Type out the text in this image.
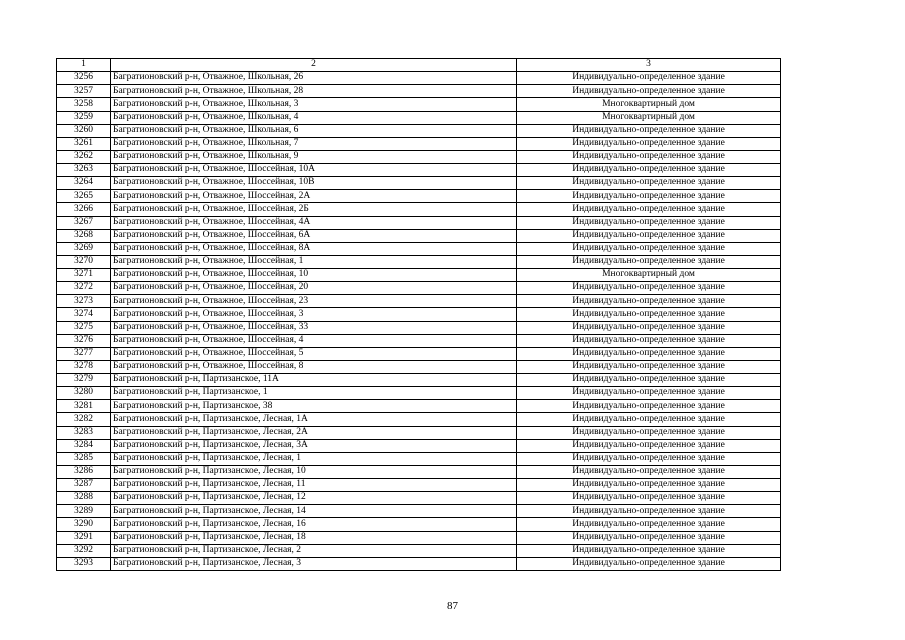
1	2	3
3256	Багратионовский р-н, Отважное, Школьная, 26	Индивидуально-определенное здание
3257	Багратионовский р-н, Отважное, Школьная, 28	Индивидуально-определенное здание
3258	Багратионовский р-н, Отважное, Школьная, 3	Многоквартирный дом
3259	Багратионовский р-н, Отважное, Школьная, 4	Многоквартирный дом
3260	Багратионовский р-н, Отважное, Школьная, 6	Индивидуально-определенное здание
3261	Багратионовский р-н, Отважное, Школьная, 7	Индивидуально-определенное здание
3262	Багратионовский р-н, Отважное, Школьная, 9	Индивидуально-определенное здание
3263	Багратионовский р-н, Отважное, Шоссейная, 10А	Индивидуально-определенное здание
3264	Багратионовский р-н, Отважное, Шоссейная, 10В	Индивидуально-определенное здание
3265	Багратионовский р-н, Отважное, Шоссейная, 2А	Индивидуально-определенное здание
3266	Багратионовский р-н, Отважное, Шоссейная, 2Б	Индивидуально-определенное здание
3267	Багратионовский р-н, Отважное, Шоссейная, 4А	Индивидуально-определенное здание
3268	Багратионовский р-н, Отважное, Шоссейная, 6А	Индивидуально-определенное здание
3269	Багратионовский р-н, Отважное, Шоссейная, 8А	Индивидуально-определенное здание
3270	Багратионовский р-н, Отважное, Шоссейная, 1	Индивидуально-определенное здание
3271	Багратионовский р-н, Отважное, Шоссейная, 10	Многоквартирный дом
3272	Багратионовский р-н, Отважное, Шоссейная, 20	Индивидуально-определенное здание
3273	Багратионовский р-н, Отважное, Шоссейная, 23	Индивидуально-определенное здание
3274	Багратионовский р-н, Отважное, Шоссейная, 3	Индивидуально-определенное здание
3275	Багратионовский р-н, Отважное, Шоссейная, 33	Индивидуально-определенное здание
3276	Багратионовский р-н, Отважное, Шоссейная, 4	Индивидуально-определенное здание
3277	Багратионовский р-н, Отважное, Шоссейная, 5	Индивидуально-определенное здание
3278	Багратионовский р-н, Отважное, Шоссейная, 8	Индивидуально-определенное здание
3279	Багратионовский р-н, Партизанское, 11А	Индивидуально-определенное здание
3280	Багратионовский р-н, Партизанское, 1	Индивидуально-определенное здание
3281	Багратионовский р-н, Партизанское, 38	Индивидуально-определенное здание
3282	Багратионовский р-н, Партизанское, Лесная, 1А	Индивидуально-определенное здание
3283	Багратионовский р-н, Партизанское, Лесная, 2А	Индивидуально-определенное здание
3284	Багратионовский р-н, Партизанское, Лесная, 3А	Индивидуально-определенное здание
3285	Багратионовский р-н, Партизанское, Лесная, 1	Индивидуально-определенное здание
3286	Багратионовский р-н, Партизанское, Лесная, 10	Индивидуально-определенное здание
3287	Багратионовский р-н, Партизанское, Лесная, 11	Индивидуально-определенное здание
3288	Багратионовский р-н, Партизанское, Лесная, 12	Индивидуально-определенное здание
3289	Багратионовский р-н, Партизанское, Лесная, 14	Индивидуально-определенное здание
3290	Багратионовский р-н, Партизанское, Лесная, 16	Индивидуально-определенное здание
3291	Багратионовский р-н, Партизанское, Лесная, 18	Индивидуально-определенное здание
3292	Багратионовский р-н, Партизанское, Лесная, 2	Индивидуально-определенное здание
3293	Багратионовский р-н, Партизанское, Лесная, 3	Индивидуально-определенное здание
87
